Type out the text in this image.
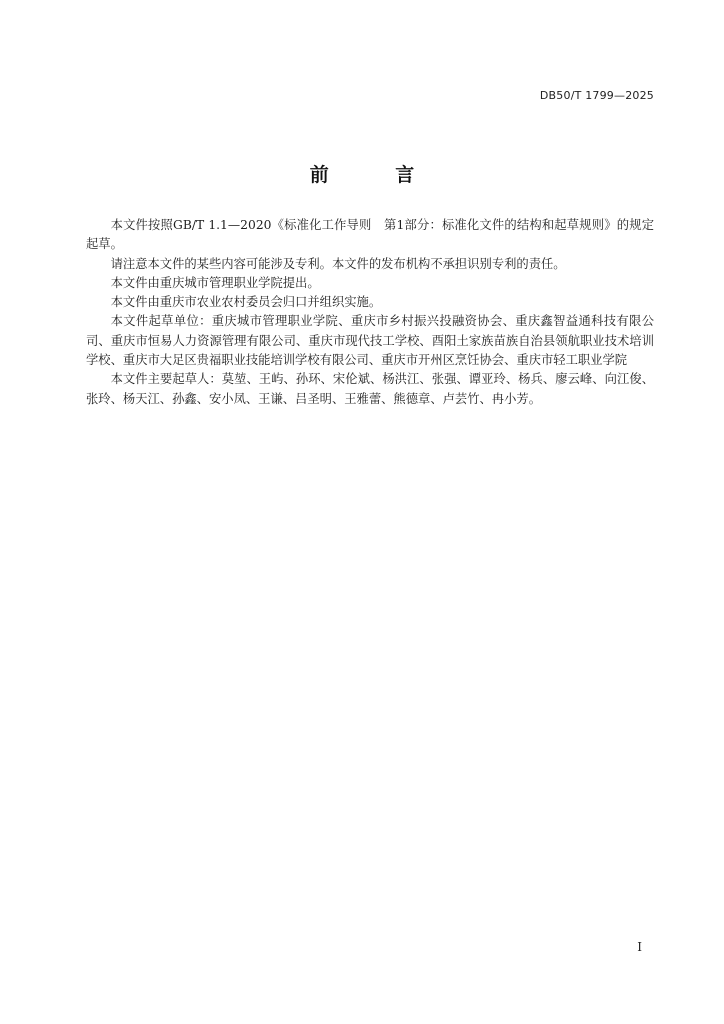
DB50/T 1799—2025
前 言

本文件按照GB/T 1.1—2020《标准化工作导则　第1部分：标准化文件的结构和起草规则》的规定起草。

请注意本文件的某些内容可能涉及专利。本文件的发布机构不承担识别专利的责任。

本文件由重庆城市管理职业学院提出。

本文件由重庆市农业农村委员会归口并组织实施。

本文件起草单位：重庆城市管理职业学院、重庆市乡村振兴投融资协会、重庆鑫智益通科技有限公司、重庆市恒易人力资源管理有限公司、重庆市现代技工学校、酉阳土家族苗族自治县领航职业技术培训学校、重庆市大足区贵福职业技能培训学校有限公司、重庆市开州区烹饪协会、重庆市轻工职业学院

本文件主要起草人：莫堃、王屿、孙环、宋伦斌、杨洪江、张强、谭亚玲、杨兵、廖云峰、向江俊、张玲、杨天江、孙鑫、安小凤、王谦、吕圣明、王雅蕾、熊德章、卢芸竹、冉小芳。

I
